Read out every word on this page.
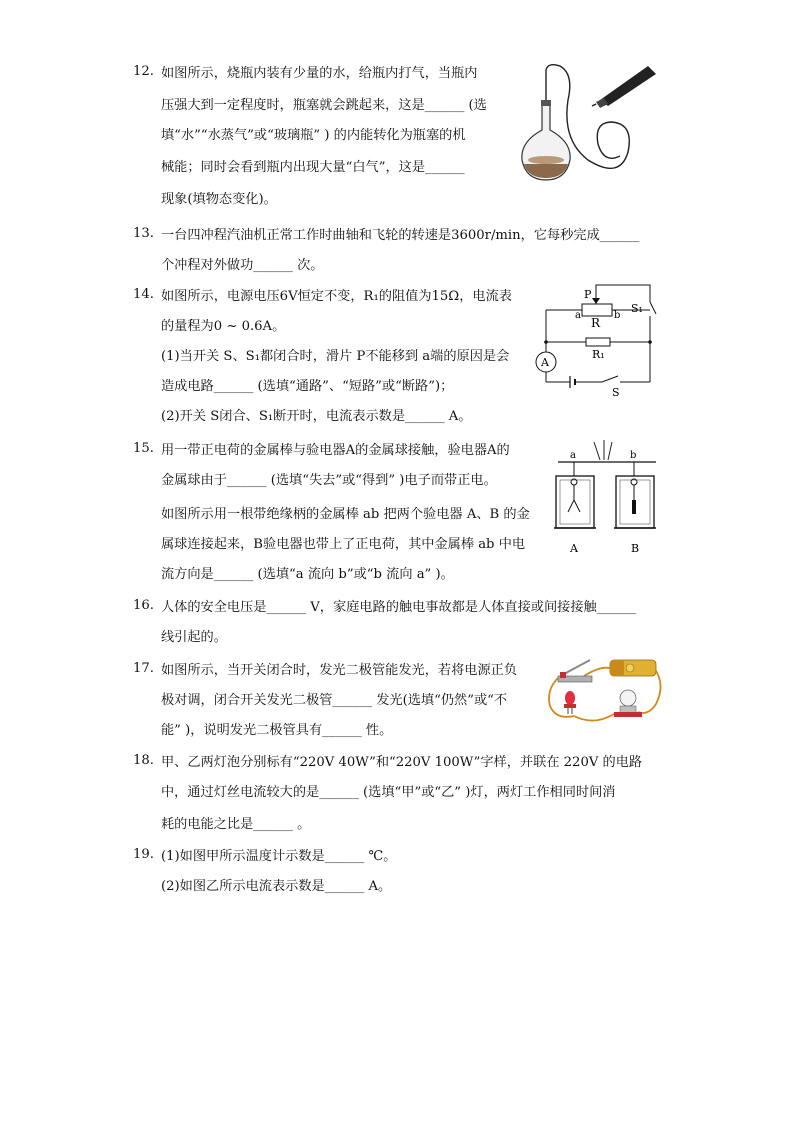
12. 如图所示，烧瓶内装有少量的水，给瓶内打气，当瓶内
压强大到一定程度时，瓶塞就会跳起来，这是______ (选
填“水”“水蒸气”或“玻璃瓶” ) 的内能转化为瓶塞的机
械能；同时会看到瓶内出现大量“白气”，这是______
现象(填物态变化)。
13. 一台四冲程汽油机正常工作时曲轴和飞轮的转速是3600r/min，它每秒完成______
个冲程对外做功______ 次。
14. 如图所示，电源电压6V恒定不变，R₁的阻值为15Ω，电流表
的量程为0 ~ 0.6A。
(1)当开关 S、S₁都闭合时，滑片 P不能移到 a端的原因是会
造成电路______ (选填“通路”、“短路”或“断路”)；
(2)开关 S闭合、S₁断开时，电流表示数是______ A。
P
a	b
R
S₁
R₁
A
S
15. 用一带正电荷的金属棒与验电器A的金属球接触，验电器A的
金属球由于______ (选填“失去”或“得到” )电子而带正电。
如图所示用一根带绝缘柄的金属棒 ab 把两个验电器 A、B 的金
属球连接起来，B验电器也带上了正电荷，其中金属棒 ab 中电
流方向是______ (选填“a 流向 b”或“b 流向 a” )。
a	b
A	B
16. 人体的安全电压是______ V，家庭电路的触电事故都是人体直接或间接接触______
线引起的。
17. 如图所示，当开关闭合时，发光二极管能发光，若将电源正负
极对调，闭合开关发光二极管______ 发光(选填“仍然”或“不
能” )，说明发光二极管具有______ 性。
18. 甲、乙两灯泡分别标有“220V 40W”和“220V 100W”字样，并联在 220V 的电路
中，通过灯丝电流较大的是______ (选填“甲”或“乙” )灯，两灯工作相同时间消
耗的电能之比是______ 。
19. (1)如图甲所示温度计示数是______ ℃。
(2)如图乙所示电流表示数是______ A。
